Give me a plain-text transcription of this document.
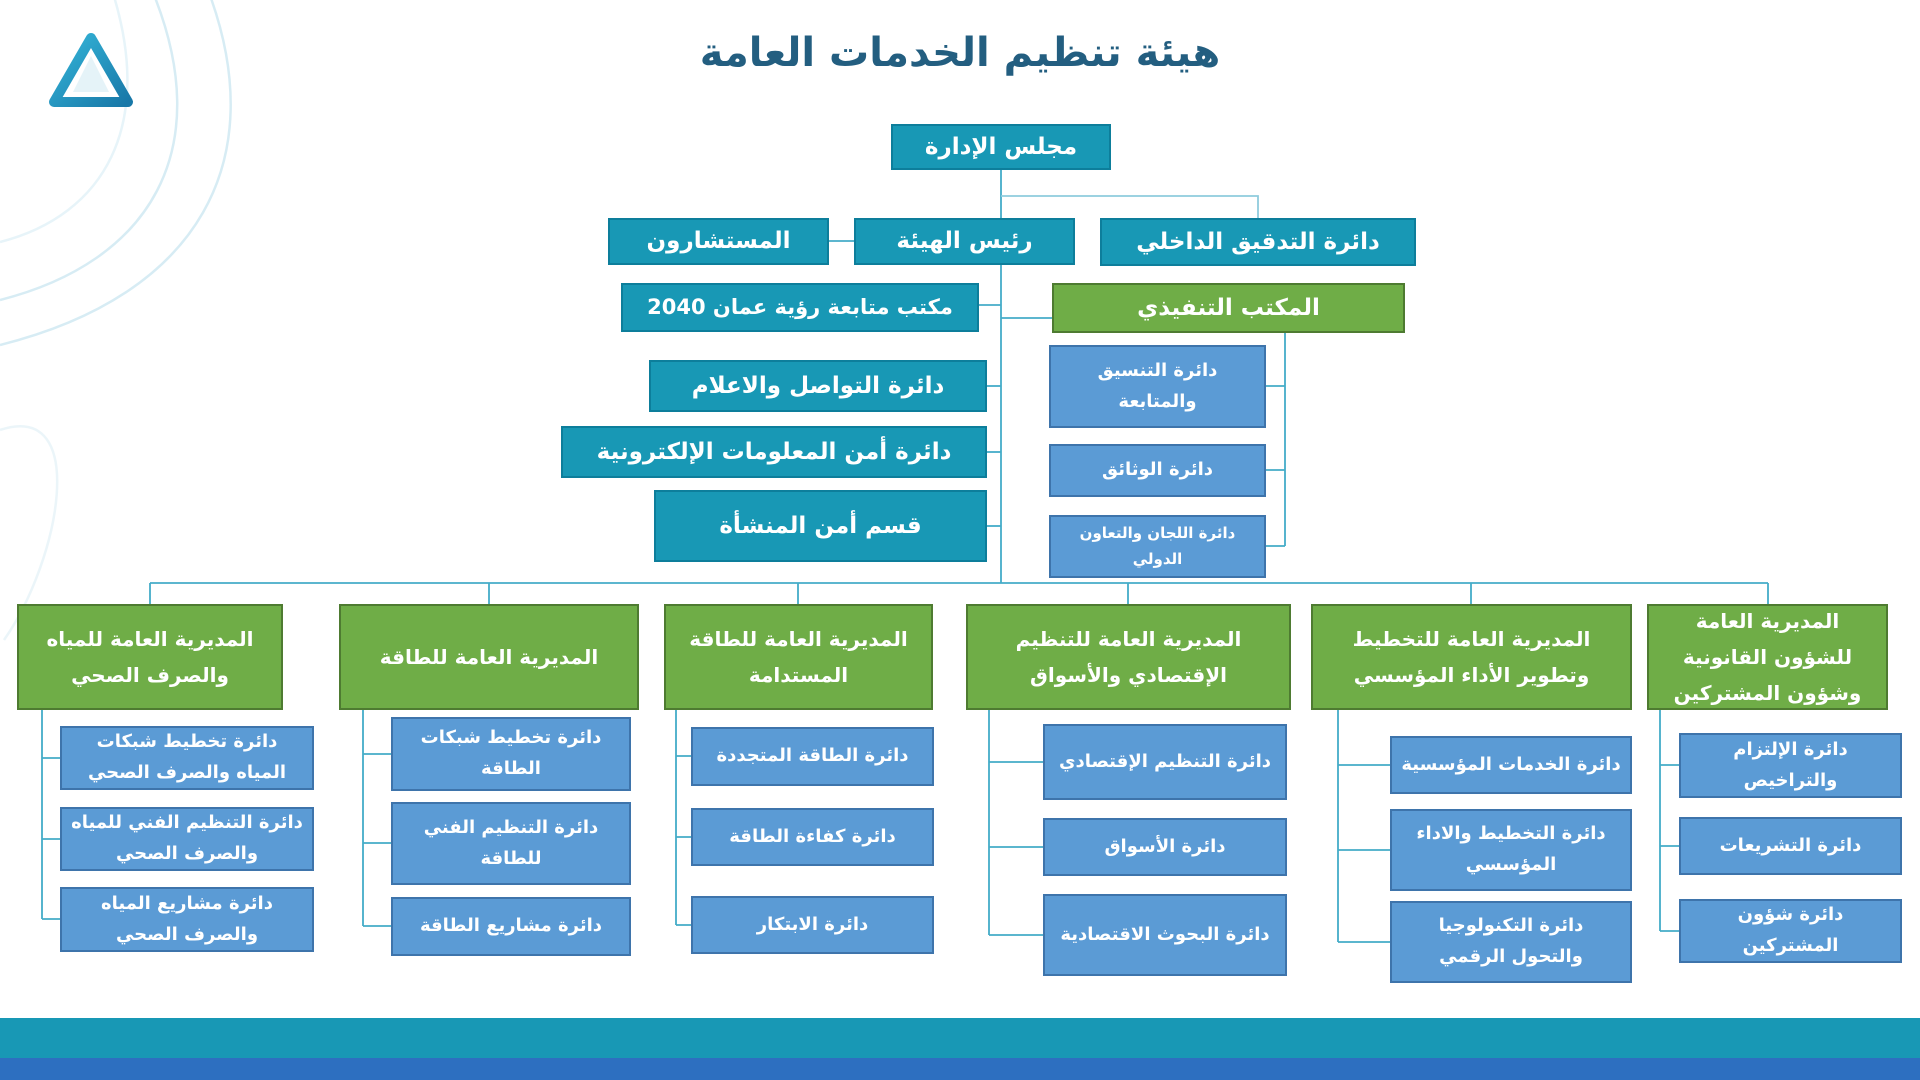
هيئة تنظيم الخدمات العامة
مجلس الإدارة
المستشارون	رئيس الهيئة	دائرة التدقيق الداخلي
مكتب متابعة رؤية عمان 2040	المكتب التنفيذي
دائرة التنسيق والمتابعة
دائرة الوثائق
دائرة اللجان والتعاون الدولي
دائرة التواصل والاعلام
دائرة أمن المعلومات الإلكترونية
قسم أمن المنشأة
المديرية العامة للمياه والصرف الصحي
المديرية العامة للطاقة
المديرية العامة للطاقة المستدامة
المديرية العامة للتنظيم الإقتصادي والأسواق
المديرية العامة للتخطيط وتطوير الأداء المؤسسي
المديرية العامة للشؤون القانونية وشؤون المشتركين
دائرة تخطيط شبكات المياه والصرف الصحي
دائرة التنظيم الفني للمياه والصرف الصحي
دائرة مشاريع المياه والصرف الصحي
دائرة تخطيط شبكات الطاقة
دائرة التنظيم الفني للطاقة
دائرة مشاريع الطاقة
دائرة الطاقة المتجددة
دائرة كفاءة الطاقة
دائرة الابتكار
دائرة التنظيم الإقتصادي
دائرة الأسواق
دائرة البحوث الاقتصادية
دائرة الخدمات المؤسسية
دائرة التخطيط والاداء المؤسسي
دائرة التكنولوجيا والتحول الرقمي
دائرة الإلتزام والتراخيص
دائرة التشريعات
دائرة شؤون المشتركين
